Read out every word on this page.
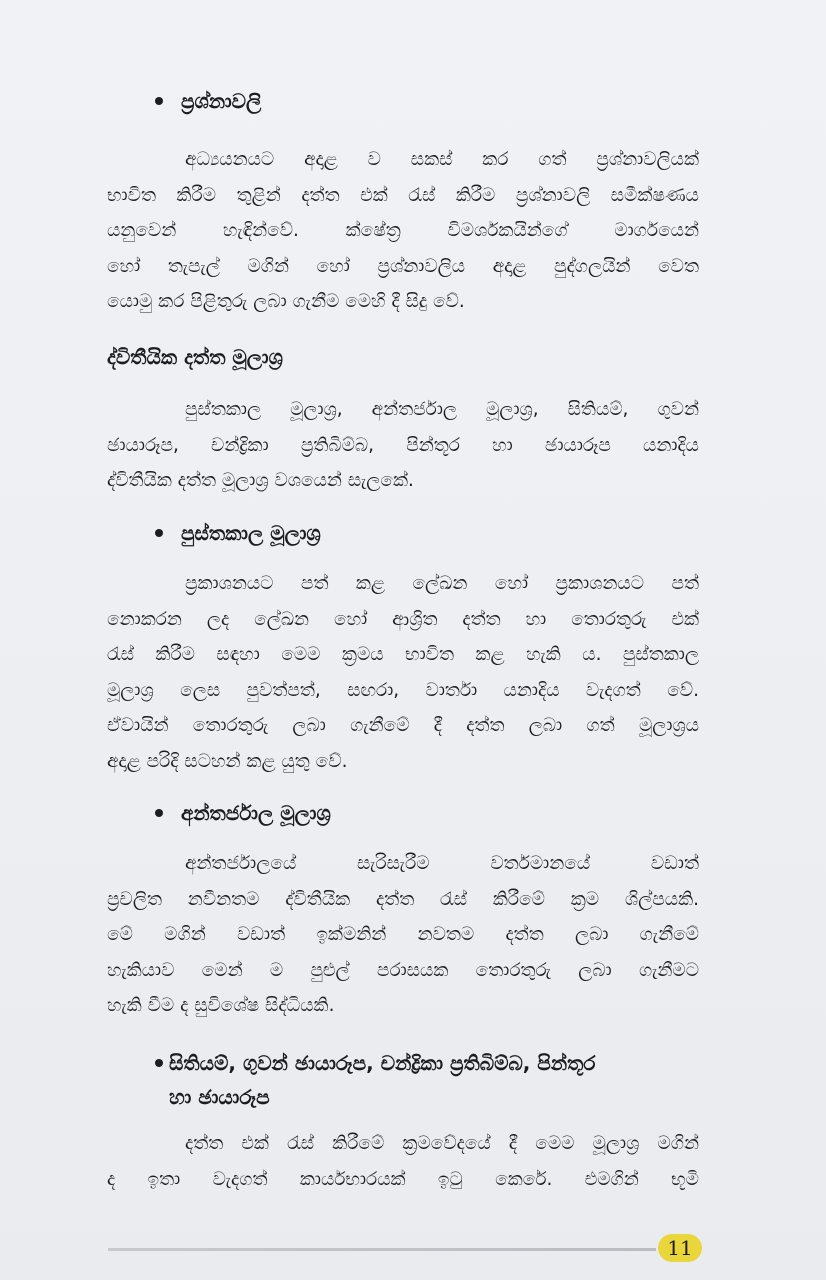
ප්‍රශ්නාවලි
අධ්‍යයනයට අදාළ ව සකස් කර ගත් ප්‍රශ්නාවලියක්
භාවිත කිරීම තුළින් දත්ත එක් රැස් කිරීම ප්‍රශ්නාවලි සමීක්ෂණය
යනුවෙන් හැඳින්වේ. ක්ෂේත්‍ර විමර්ශකයින්ගේ මාර්ගයෙන්
හෝ තැපැල් මගින් හෝ ප්‍රශ්නාවලිය අදාළ පුද්ගලයින් වෙත
යොමු කර පිළිතුරු ලබා ගැනීම මෙහි දී සිදු වේ.
ද්විතීයික දත්ත මූලාශ්‍ර
පුස්තකාල මූලාශ්‍ර, අන්තර්ජාල මූලාශ්‍ර, සිතියම්, ගුවන්
ඡායාරූප, චන්ද්‍රිකා ප්‍රතිබිම්බ, පින්තූර හා ඡායාරූප යනාදිය
ද්විතීයික දත්ත මූලාශ්‍ර වශයෙන් සැලකේ.
පුස්තකාල මූලාශ්‍ර
ප්‍රකාශනයට පත් කළ ලේඛන හෝ ප්‍රකාශනයට පත්
නොකරන ලද ලේඛන හෝ ආශ්‍රිත දත්ත හා තොරතුරු එක්
රැස් කිරීම සඳහා මෙම ක්‍රමය භාවිත කළ හැකි ය. පුස්තකාල
මූලාශ්‍ර ලෙස පුවත්පත්, සඟරා, වාර්තා යනාදිය වැදගත් වේ.
ඒවායින් තොරතුරු ලබා ගැනීමේ දී දත්ත ලබා ගත් මූලාශ්‍රය
අදාළ පරිදි සටහන් කළ යුතු වේ.
අන්තර්ජාල මූලාශ්‍ර
අන්තර්ජාලයේ සැරිසැරීම වර්තමානයේ වඩාත්
ප්‍රචලිත නවීනතම ද්විතීයික දත්ත රැස් කිරීමේ ක්‍රම ශිල්පයකි.
මේ මගින් වඩාත් ඉක්මනින් නවතම දත්ත ලබා ගැනීමේ
හැකියාව මෙන් ම පුළුල් පරාසයක තොරතුරු ලබා ගැනීමට
හැකි වීම ද සුවිශේෂ සිද්ධියකි.
සිතියම්, ගුවන් ඡායාරූප, චන්ද්‍රිකා ප්‍රතිබිම්බ, පින්තූර
හා ඡායාරූප
දත්ත එක් රැස් කිරීමේ ක්‍රමවේදයේ දී මෙම මූලාශ්‍ර මගින්
ද ඉතා වැදගත් කාර්යභාරයක් ඉටු කෙරේ. එමගින් භූමි
11
